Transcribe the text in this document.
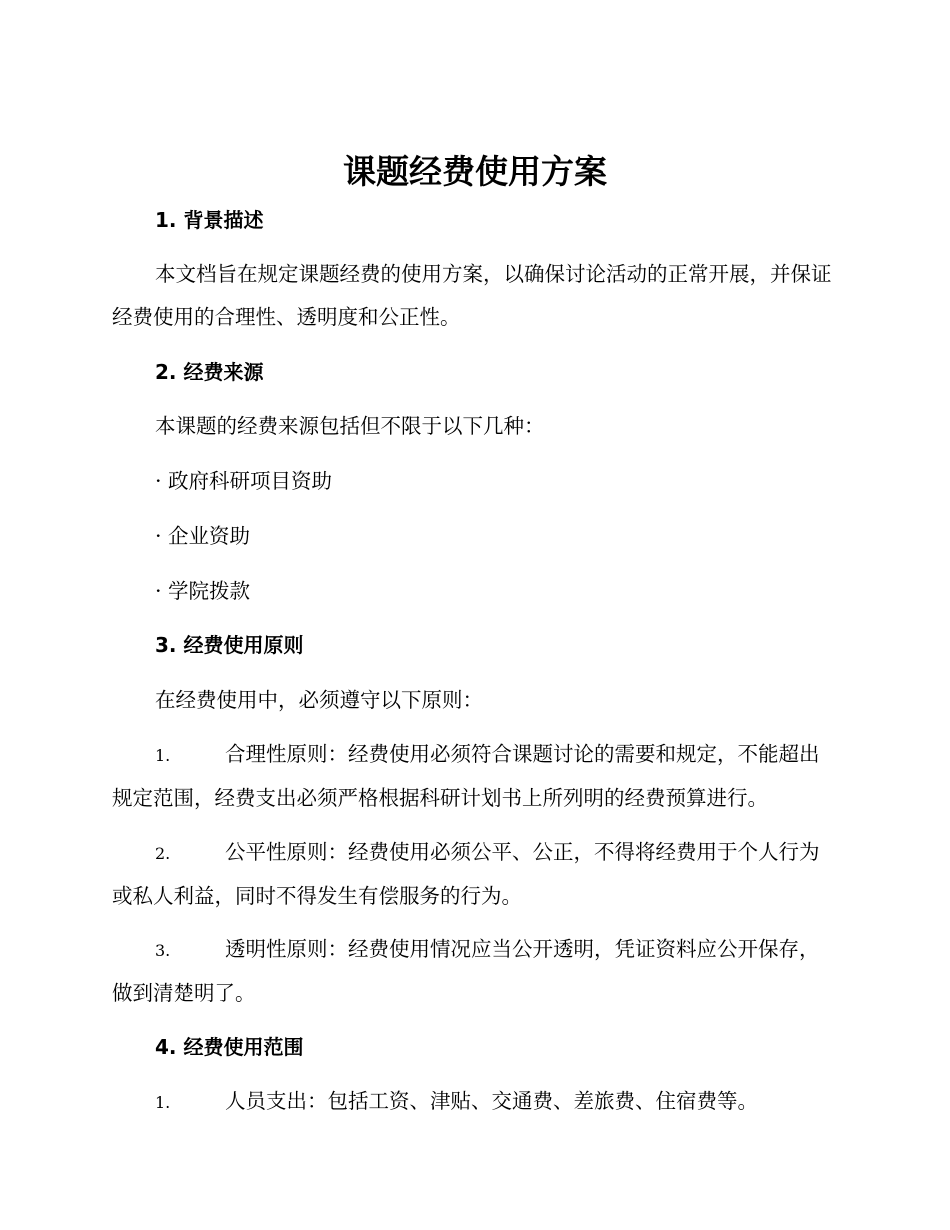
课题经费使用方案
1. 背景描述

本文档旨在规定课题经费的使用方案，以确保讨论活动的正常开展，并保证经费使用的合理性、透明度和公正性。

2. 经费来源

本课题的经费来源包括但不限于以下几种：

· 政府科研项目资助

· 企业资助

· 学院拨款

3. 经费使用原则

在经费使用中，必须遵守以下原则：

1.	合理性原则：经费使用必须符合课题讨论的需要和规定，不能超出规定范围，经费支出必须严格根据科研计划书上所列明的经费预算进行。

2.	公平性原则：经费使用必须公平、公正，不得将经费用于个人行为或私人利益，同时不得发生有偿服务的行为。

3.	透明性原则：经费使用情况应当公开透明，凭证资料应公开保存，做到清楚明了。

4. 经费使用范围

1.	人员支出：包括工资、津贴、交通费、差旅费、住宿费等。
